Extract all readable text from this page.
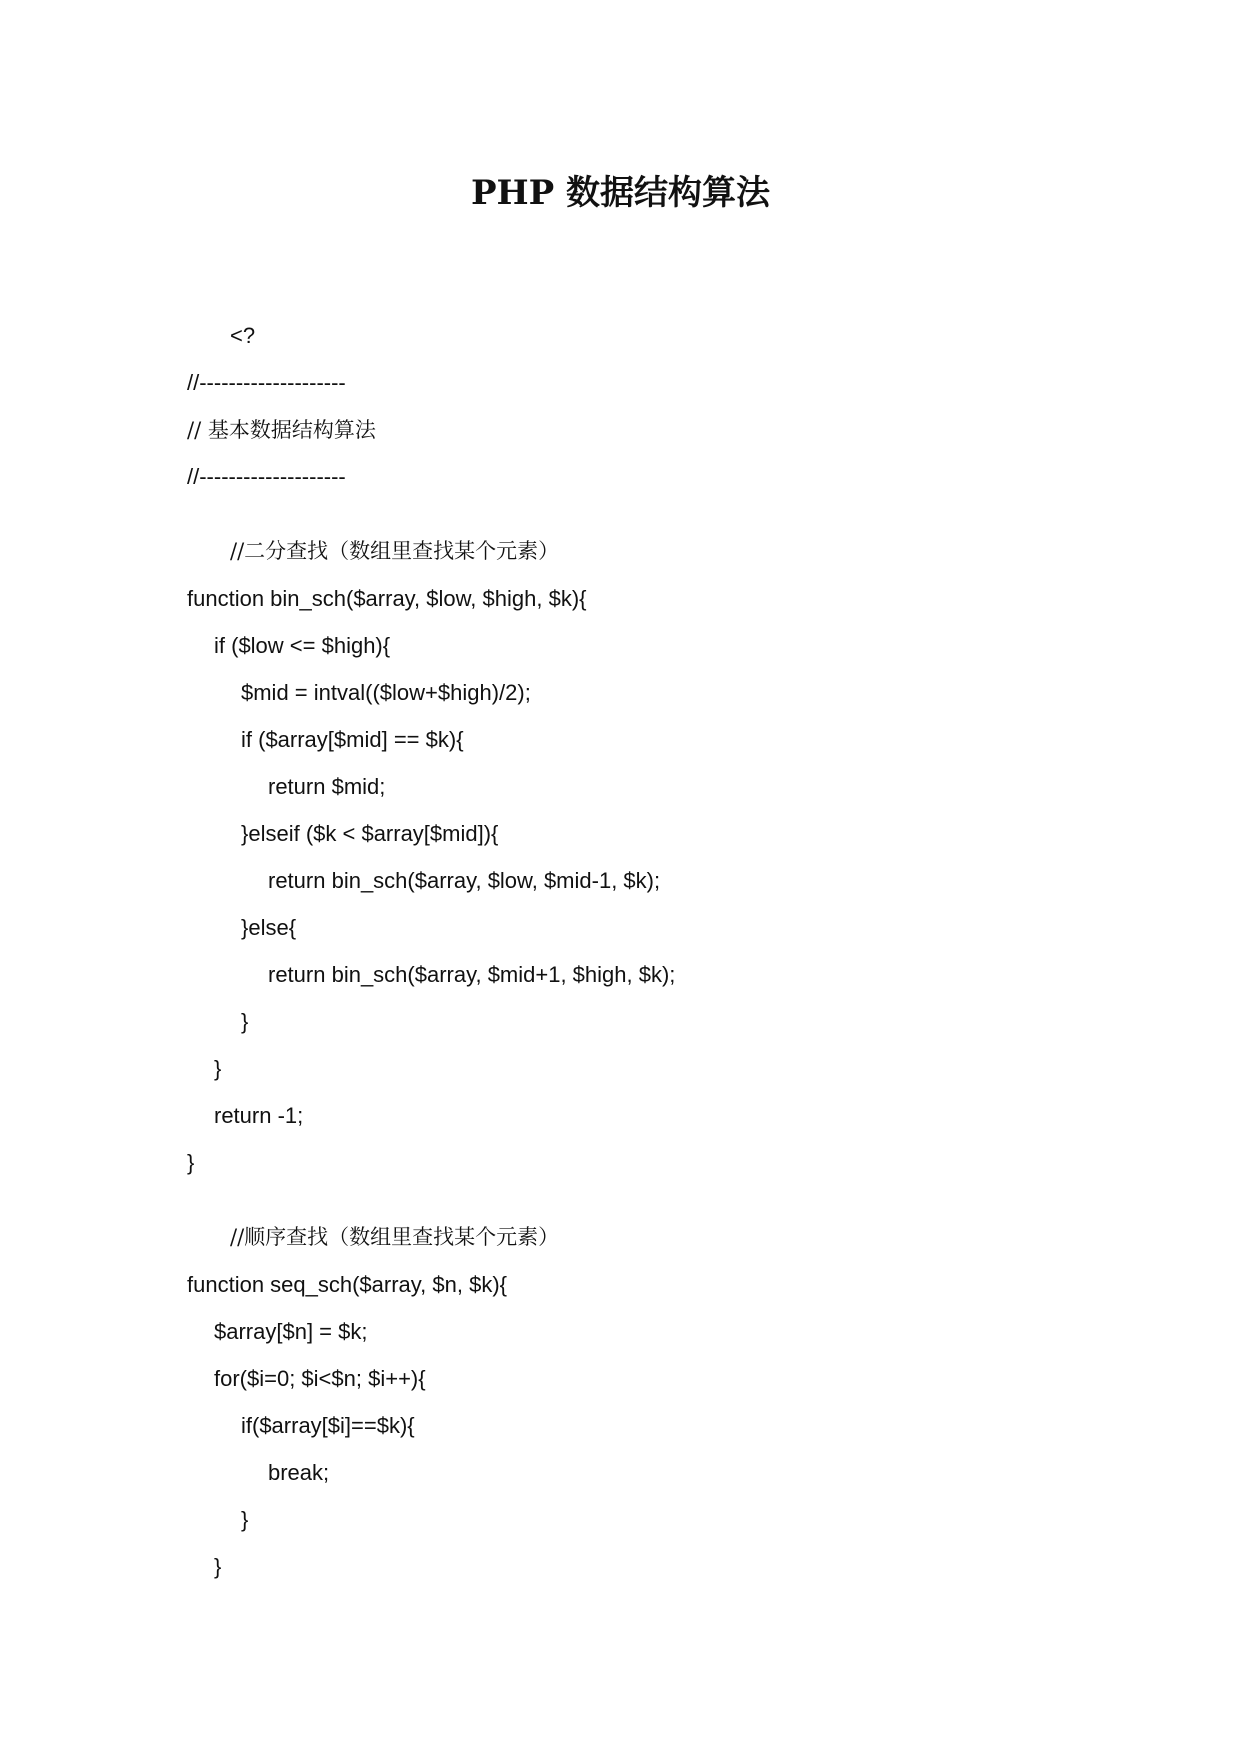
PHP 数据结构算法
<?
//--------------------
// 基本数据结构算法
//--------------------
//二分查找（数组里查找某个元素）
function bin_sch($array, $low, $high, $k){
if ($low <= $high){
$mid = intval(($low+$high)/2);
if ($array[$mid] == $k){
return $mid;
}elseif ($k < $array[$mid]){
return bin_sch($array, $low, $mid-1, $k);
}else{
return bin_sch($array, $mid+1, $high, $k);
}
}
return -1;
}
//顺序查找（数组里查找某个元素）
function seq_sch($array, $n, $k){
$array[$n] = $k;
for($i=0; $i<$n; $i++){
if($array[$i]==$k){
break;
}
}
